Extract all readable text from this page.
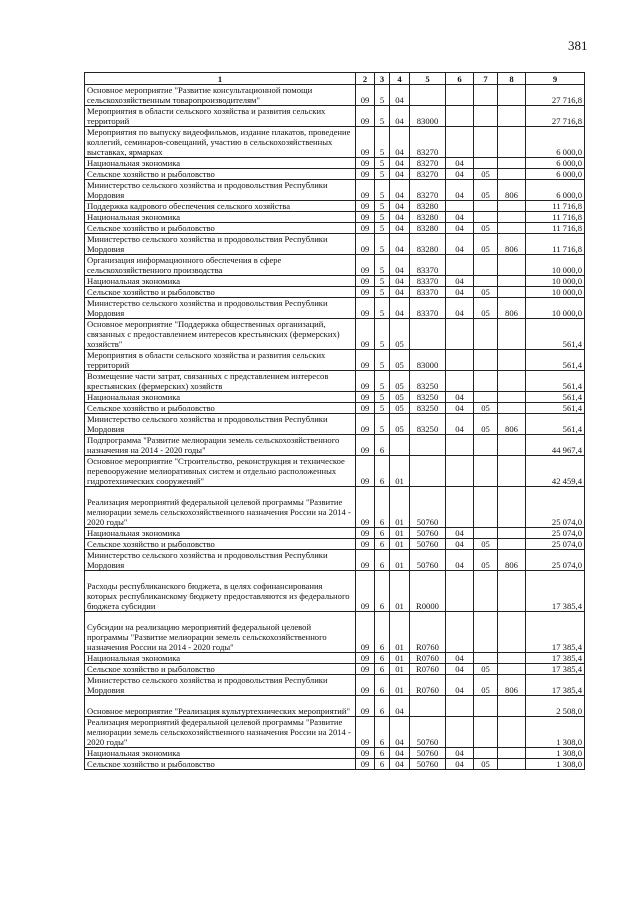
381
1	2	3	4	5	6	7	8	9
Основное мероприятие "Развитие консультационной помощи сельскохозяйственным товаропроизводителям"	09	5	04					27 716,8
Мероприятия в области сельского хозяйства и развития сельских территорий	09	5	04	83000				27 716,8
Мероприятия по выпуску видеофильмов, издание плакатов, проведение коллегий, семинаров-совещаний, участию в сельскохозяйственных выставках, ярмарках	09	5	04	83270				6 000,0
Национальная экономика	09	5	04	83270	04			6 000,0
Сельское хозяйство и рыболовство	09	5	04	83270	04	05		6 000,0
Министерство сельского хозяйства и продовольствия Республики Мордовия	09	5	04	83270	04	05	806	6 000,0
Поддержка кадрового обеспечения сельского хозяйства	09	5	04	83280				11 716,8
Национальная экономика	09	5	04	83280	04			11 716,8
Сельское хозяйство и рыболовство	09	5	04	83280	04	05		11 716,8
Министерство сельского хозяйства и продовольствия Республики Мордовия	09	5	04	83280	04	05	806	11 716,8
Организация информационного обеспечения в сфере сельскохозяйственного производства	09	5	04	83370				10 000,0
Национальная экономика	09	5	04	83370	04			10 000,0
Сельское хозяйство и рыболовство	09	5	04	83370	04	05		10 000,0
Министерство сельского хозяйства и продовольствия Республики Мордовия	09	5	04	83370	04	05	806	10 000,0
Основное мероприятие "Поддержка общественных организаций, связанных с предоставлением интересов крестьянских (фермерских) хозяйств"	09	5	05					561,4
Мероприятия в области сельского хозяйства и развития сельских территорий	09	5	05	83000				561,4
Возмещение части затрат, связанных с представлением интересов крестьянских (фермерских) хозяйств	09	5	05	83250				561,4
Национальная экономика	09	5	05	83250	04			561,4
Сельское хозяйство и рыболовство	09	5	05	83250	04	05		561,4
Министерство сельского хозяйства и продовольствия Республики Мордовия	09	5	05	83250	04	05	806	561,4
Подпрограмма "Развитие мелиорации земель сельскохозяйственного назначения на 2014 - 2020 годы"	09	6						44 967,4
Основное мероприятие "Строительство, реконструкция и техническое перевооружение мелиоративных систем и отдельно расположенных гидротехнических сооружений"	09	6	01					42 459,4
Реализация мероприятий федеральной целевой программы "Развитие мелиорации земель сельскохозяйственного назначения России на 2014 - 2020 годы"	09	6	01	50760				25 074,0
Национальная экономика	09	6	01	50760	04			25 074,0
Сельское хозяйство и рыболовство	09	6	01	50760	04	05		25 074,0
Министерство сельского хозяйства и продовольствия Республики Мордовия	09	6	01	50760	04	05	806	25 074,0
Расходы республиканского бюджета, в целях софинансирования которых республиканскому бюджету предоставляются из федерального бюджета субсидии	09	6	01	R0000				17 385,4
Субсидии на реализацию мероприятий федеральной целевой программы "Развитие мелиорации земель сельскохозяйственного назначения России на 2014 - 2020 годы"	09	6	01	R0760				17 385,4
Национальная экономика	09	6	01	R0760	04			17 385,4
Сельское хозяйство и рыболовство	09	6	01	R0760	04	05		17 385,4
Министерство сельского хозяйства и продовольствия Республики Мордовия	09	6	01	R0760	04	05	806	17 385,4
Основное мероприятие "Реализация культуртехнических мероприятий"	09	6	04					2 508,0
Реализация мероприятий федеральной целевой программы "Развитие мелиорации земель сельскохозяйственного назначения России на 2014 - 2020 годы"	09	6	04	50760				1 308,0
Национальная экономика	09	6	04	50760	04			1 308,0
Сельское хозяйство и рыболовство	09	6	04	50760	04	05		1 308,0
